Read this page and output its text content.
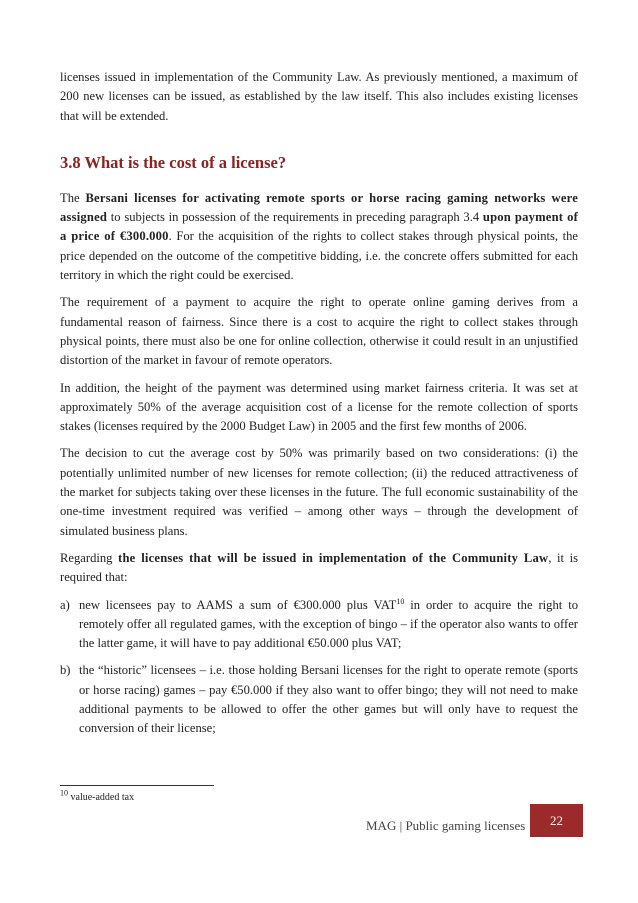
licenses issued in implementation of the Community Law. As previously mentioned, a maximum of 200 new licenses can be issued, as established by the law itself. This also includes existing licenses that will be extended.

3.8 What is the cost of a license?

The Bersani licenses for activating remote sports or horse racing gaming networks were assigned to subjects in possession of the requirements in preceding paragraph 3.4 upon payment of a price of €300.000. For the acquisition of the rights to collect stakes through physical points, the price depended on the outcome of the competitive bidding, i.e. the concrete offers submitted for each territory in which the right could be exercised.

The requirement of a payment to acquire the right to operate online gaming derives from a fundamental reason of fairness. Since there is a cost to acquire the right to collect stakes through physical points, there must also be one for online collection, otherwise it could result in an unjustified distortion of the market in favour of remote operators.

In addition, the height of the payment was determined using market fairness criteria. It was set at approximately 50% of the average acquisition cost of a license for the remote collection of sports stakes (licenses required by the 2000 Budget Law) in 2005 and the first few months of 2006.

The decision to cut the average cost by 50% was primarily based on two considerations: (i) the potentially unlimited number of new licenses for remote collection; (ii) the reduced attractiveness of the market for subjects taking over these licenses in the future. The full economic sustainability of the one-time investment required was verified – among other ways – through the development of simulated business plans.

Regarding the licenses that will be issued in implementation of the Community Law, it is required that:

a) new licensees pay to AAMS a sum of €300.000 plus VAT$^{10}$ in order to acquire the right to remotely offer all regulated games, with the exception of bingo – if the operator also wants to offer the latter game, it will have to pay additional €50.000 plus VAT;
b) the “historic” licensees – i.e. those holding Bersani licenses for the right to operate remote (sports or horse racing) games – pay €50.000 if they also want to offer bingo; they will not need to make additional payments to be allowed to offer the other games but will only have to request the conversion of their license;
$^{10}$ value-added tax
MAG | Public gaming licenses	22
